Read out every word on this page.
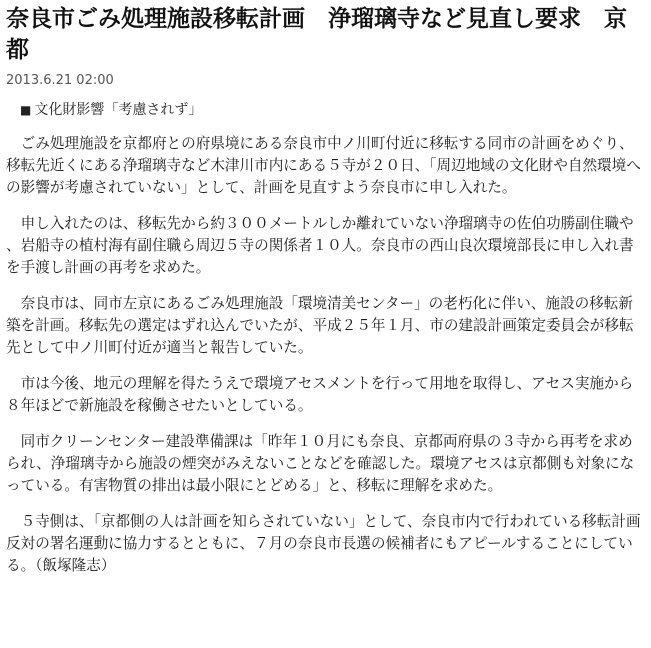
奈良市ごみ処理施設移転計画　浄瑠璃寺など見直し要求　京都
2013.6.21 02:00
■ 文化財影響「考慮されず」

ごみ処理施設を京都府との府県境にある奈良市中ノ川町付近に移転する同市の計画をめぐり、移転先近くにある浄瑠璃寺など木津川市内にある５寺が２０日、「周辺地域の文化財や自然環境への影響が考慮されていない」として、計画を見直すよう奈良市に申し入れた。

申し入れたのは、移転先から約３００メートルしか離れていない浄瑠璃寺の佐伯功勝副住職や、岩船寺の植村海有副住職ら周辺５寺の関係者１０人。奈良市の西山良次環境部長に申し入れ書を手渡し計画の再考を求めた。

奈良市は、同市左京にあるごみ処理施設「環境清美センター」の老朽化に伴い、施設の移転新築を計画。移転先の選定はずれ込んでいたが、平成２５年１月、市の建設計画策定委員会が移転先として中ノ川町付近が適当と報告していた。

市は今後、地元の理解を得たうえで環境アセスメントを行って用地を取得し、アセス実施から８年ほどで新施設を稼働させたいとしている。

同市クリーンセンター建設準備課は「昨年１０月にも奈良、京都両府県の３寺から再考を求められ、浄瑠璃寺から施設の煙突がみえないことなどを確認した。環境アセスは京都側も対象になっている。有害物質の排出は最小限にとどめる」と、移転に理解を求めた。

５寺側は、「京都側の人は計画を知らされていない」として、奈良市内で行われている移転計画反対の署名運動に協力するとともに、７月の奈良市長選の候補者にもアピールすることにしている。（飯塚隆志）
